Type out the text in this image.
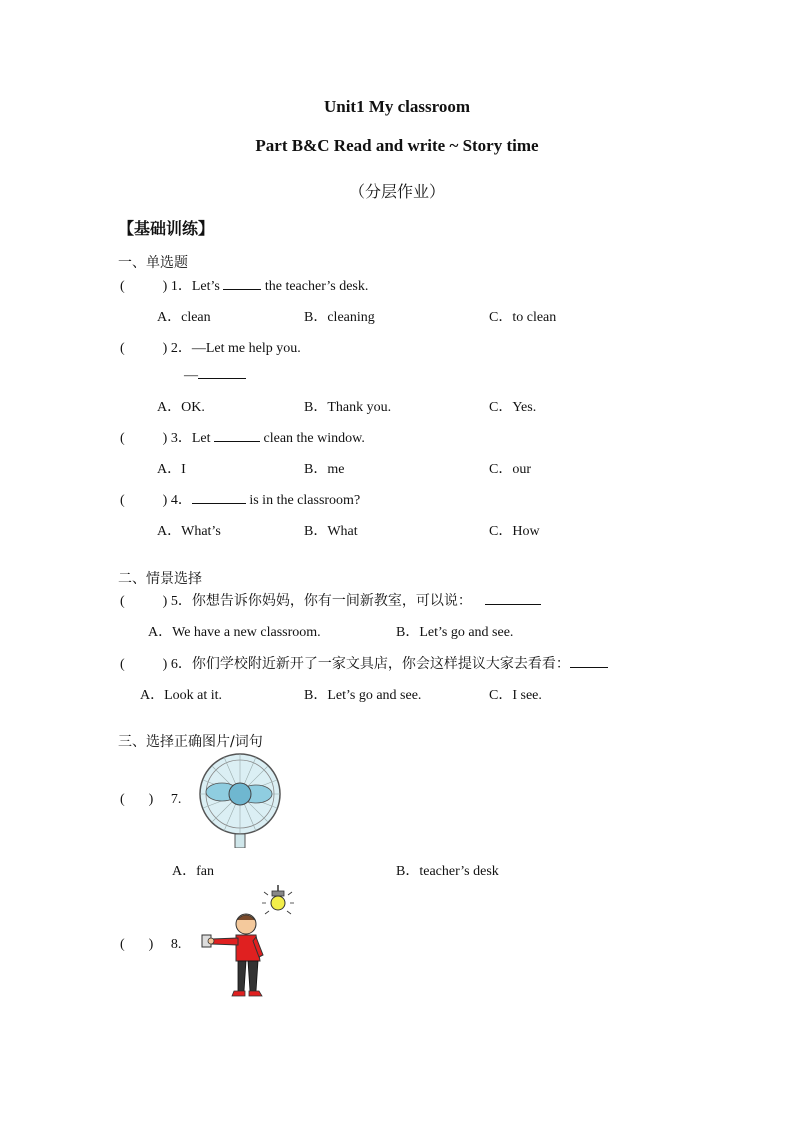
Unit1 My classroom
Part B&C Read and write ~ Story time
（分层作业）
【基础训练】
一、单选题
(	) 1．Let’s	the teacher’s desk.
A．clean	B．cleaning	C．to clean
(	) 2．—Let me help you.
—
A．OK.	B．Thank you.	C．Yes.
(	) 3．Let	clean the window.
A．I	B．me	C．our
(	) 4．	is in the classroom?
A．What’s	B．What	C．How
二、情景选择
(	) 5．你想告诉你妈妈，你有一间新教室，可以说：
A．We have a new classroom.	B．Let’s go and see.
(	) 6．你们学校附近新开了一家文具店，你会这样提议大家去看看：
A．Look at it.	B．Let’s go and see.	C．I see.
三、选择正确图片/词句
( ) 7.
A．fan	B．teacher’s desk
( ) 8.
